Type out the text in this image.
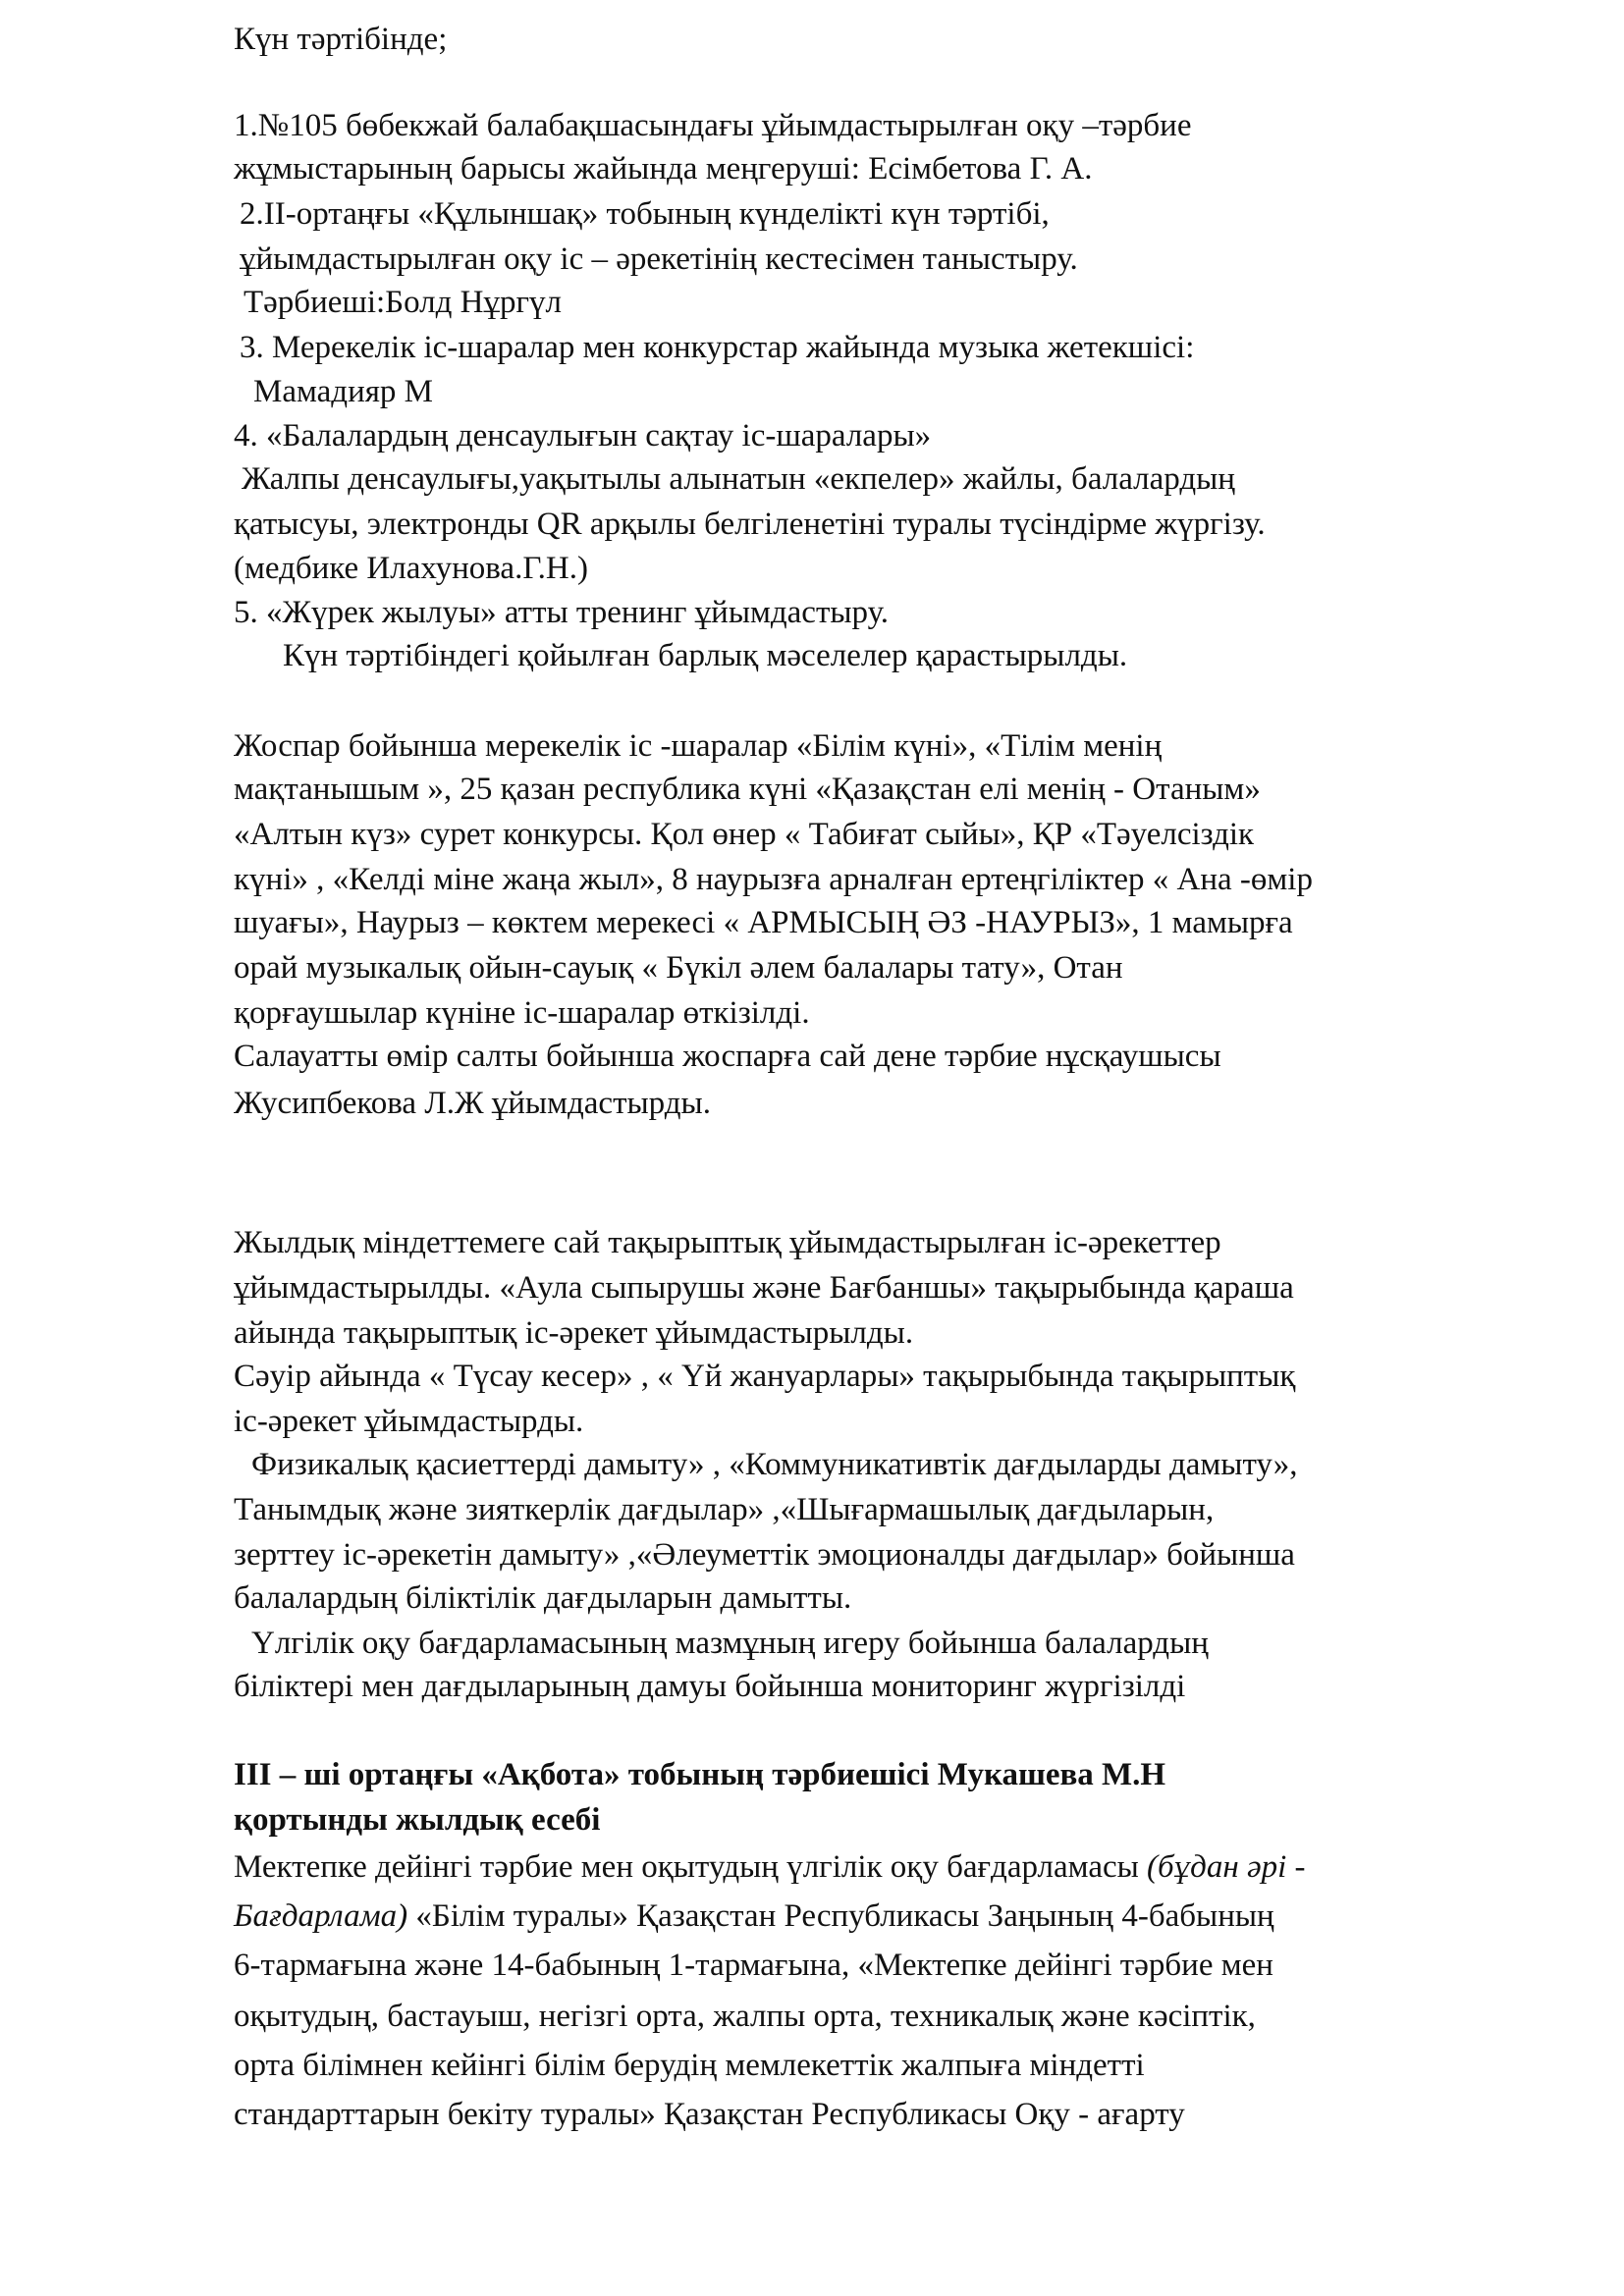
Күн тәртібінде;
1.№105 бөбекжай балабақшасындағы ұйымдастырылған оқу –тәрбие
жұмыстарының барысы жайында меңгеруші: Есімбетова Г. А.
2.ІІ-ортаңғы «Құлыншақ» тобының күнделікті күн тәртібі,
ұйымдастырылған оқу іс – әрекетінің кестесімен таныстыру.
Тәрбиеші:Болд Нұргүл
3. Мерекелік іс-шаралар мен конкурстар жайында музыка жетекшісі:
Мамадияр М
4. «Балалардың денсаулығын сақтау іс-шаралары»
Жалпы денсаулығы,уақытылы алынатын «екпелер» жайлы, балалардың
қатысуы, электронды QR арқылы белгіленетіні туралы түсіндірме жүргізу.
(медбике Илахунова.Г.Н.)
5. «Жүрек жылуы» атты тренинг ұйымдастыру.
Күн тәртібіндегі қойылған барлық мәселелер қарастырылды.
Жоспар бойынша мерекелік іс -шаралар «Білім күні», «Тілім менің
мақтанышым », 25 қазан республика күні «Қазақстан елі менің - Отаным»
«Алтын күз» сурет конкурсы. Қол өнер « Табиғат сыйы», ҚР «Тәуелсіздік
күні» , «Келді міне жаңа жыл», 8 наурызға арналған ертеңгіліктер « Ана -өмір
шуағы», Наурыз – көктем мерекесі « АРМЫСЫҢ ӘЗ -НАУРЫЗ», 1 мамырға
орай музыкалық ойын-сауық « Бүкіл әлем балалары тату», Отан
қорғаушылар күніне іс-шаралар өткізілді.
Салауатты өмір салты бойынша жоспарға сай дене тәрбие нұсқаушысы
Жусипбекова Л.Ж ұйымдастырды.
Жылдық міндеттемеге сай тақырыптық ұйымдастырылған іс-әрекеттер
ұйымдастырылды. «Аула сыпырушы және Бағбаншы» тақырыбында қараша
айында тақырыптық іс-әрекет ұйымдастырылды.
Сәуір айында « Түсау кесер» , « Үй жануарлары» тақырыбында тақырыптық
іс-әрекет ұйымдастырды.
Физикалық қасиеттерді дамыту» , «Коммуникативтік дағдыларды дамыту»,
Танымдық және зияткерлік дағдылар» ,«Шығармашылық дағдыларын,
зерттеу іс-әрекетін дамыту» ,«Әлеуметтік эмоционалды дағдылар» бойынша
балалардың біліктілік дағдыларын дамытты.
Үлгілік оқу бағдарламасының мазмұның игеру бойынша балалардың
біліктері мен дағдыларының дамуы бойынша мониторинг жүргізілді
ІІІ – ші ортаңғы «Ақбота» тобының тәрбиешісі Мукашева М.Н
қортынды жылдық есебі
Мектепке дейінгі тәрбие мен оқытудың үлгілік оқу бағдарламасы (бұдан әрі -
Бағдарлама) «Білім туралы» Қазақстан Республикасы Заңының 4-бабының
6-тармағына және 14-бабының 1-тармағына, «Мектепке дейінгі тәрбие мен
оқытудың, бастауыш, негізгі орта, жалпы орта, техникалық және кәсіптік,
орта білімнен кейінгі білім берудің мемлекеттік жалпыға міндетті
стандарттарын бекіту туралы» Қазақстан Республикасы Оқу - ағарту
